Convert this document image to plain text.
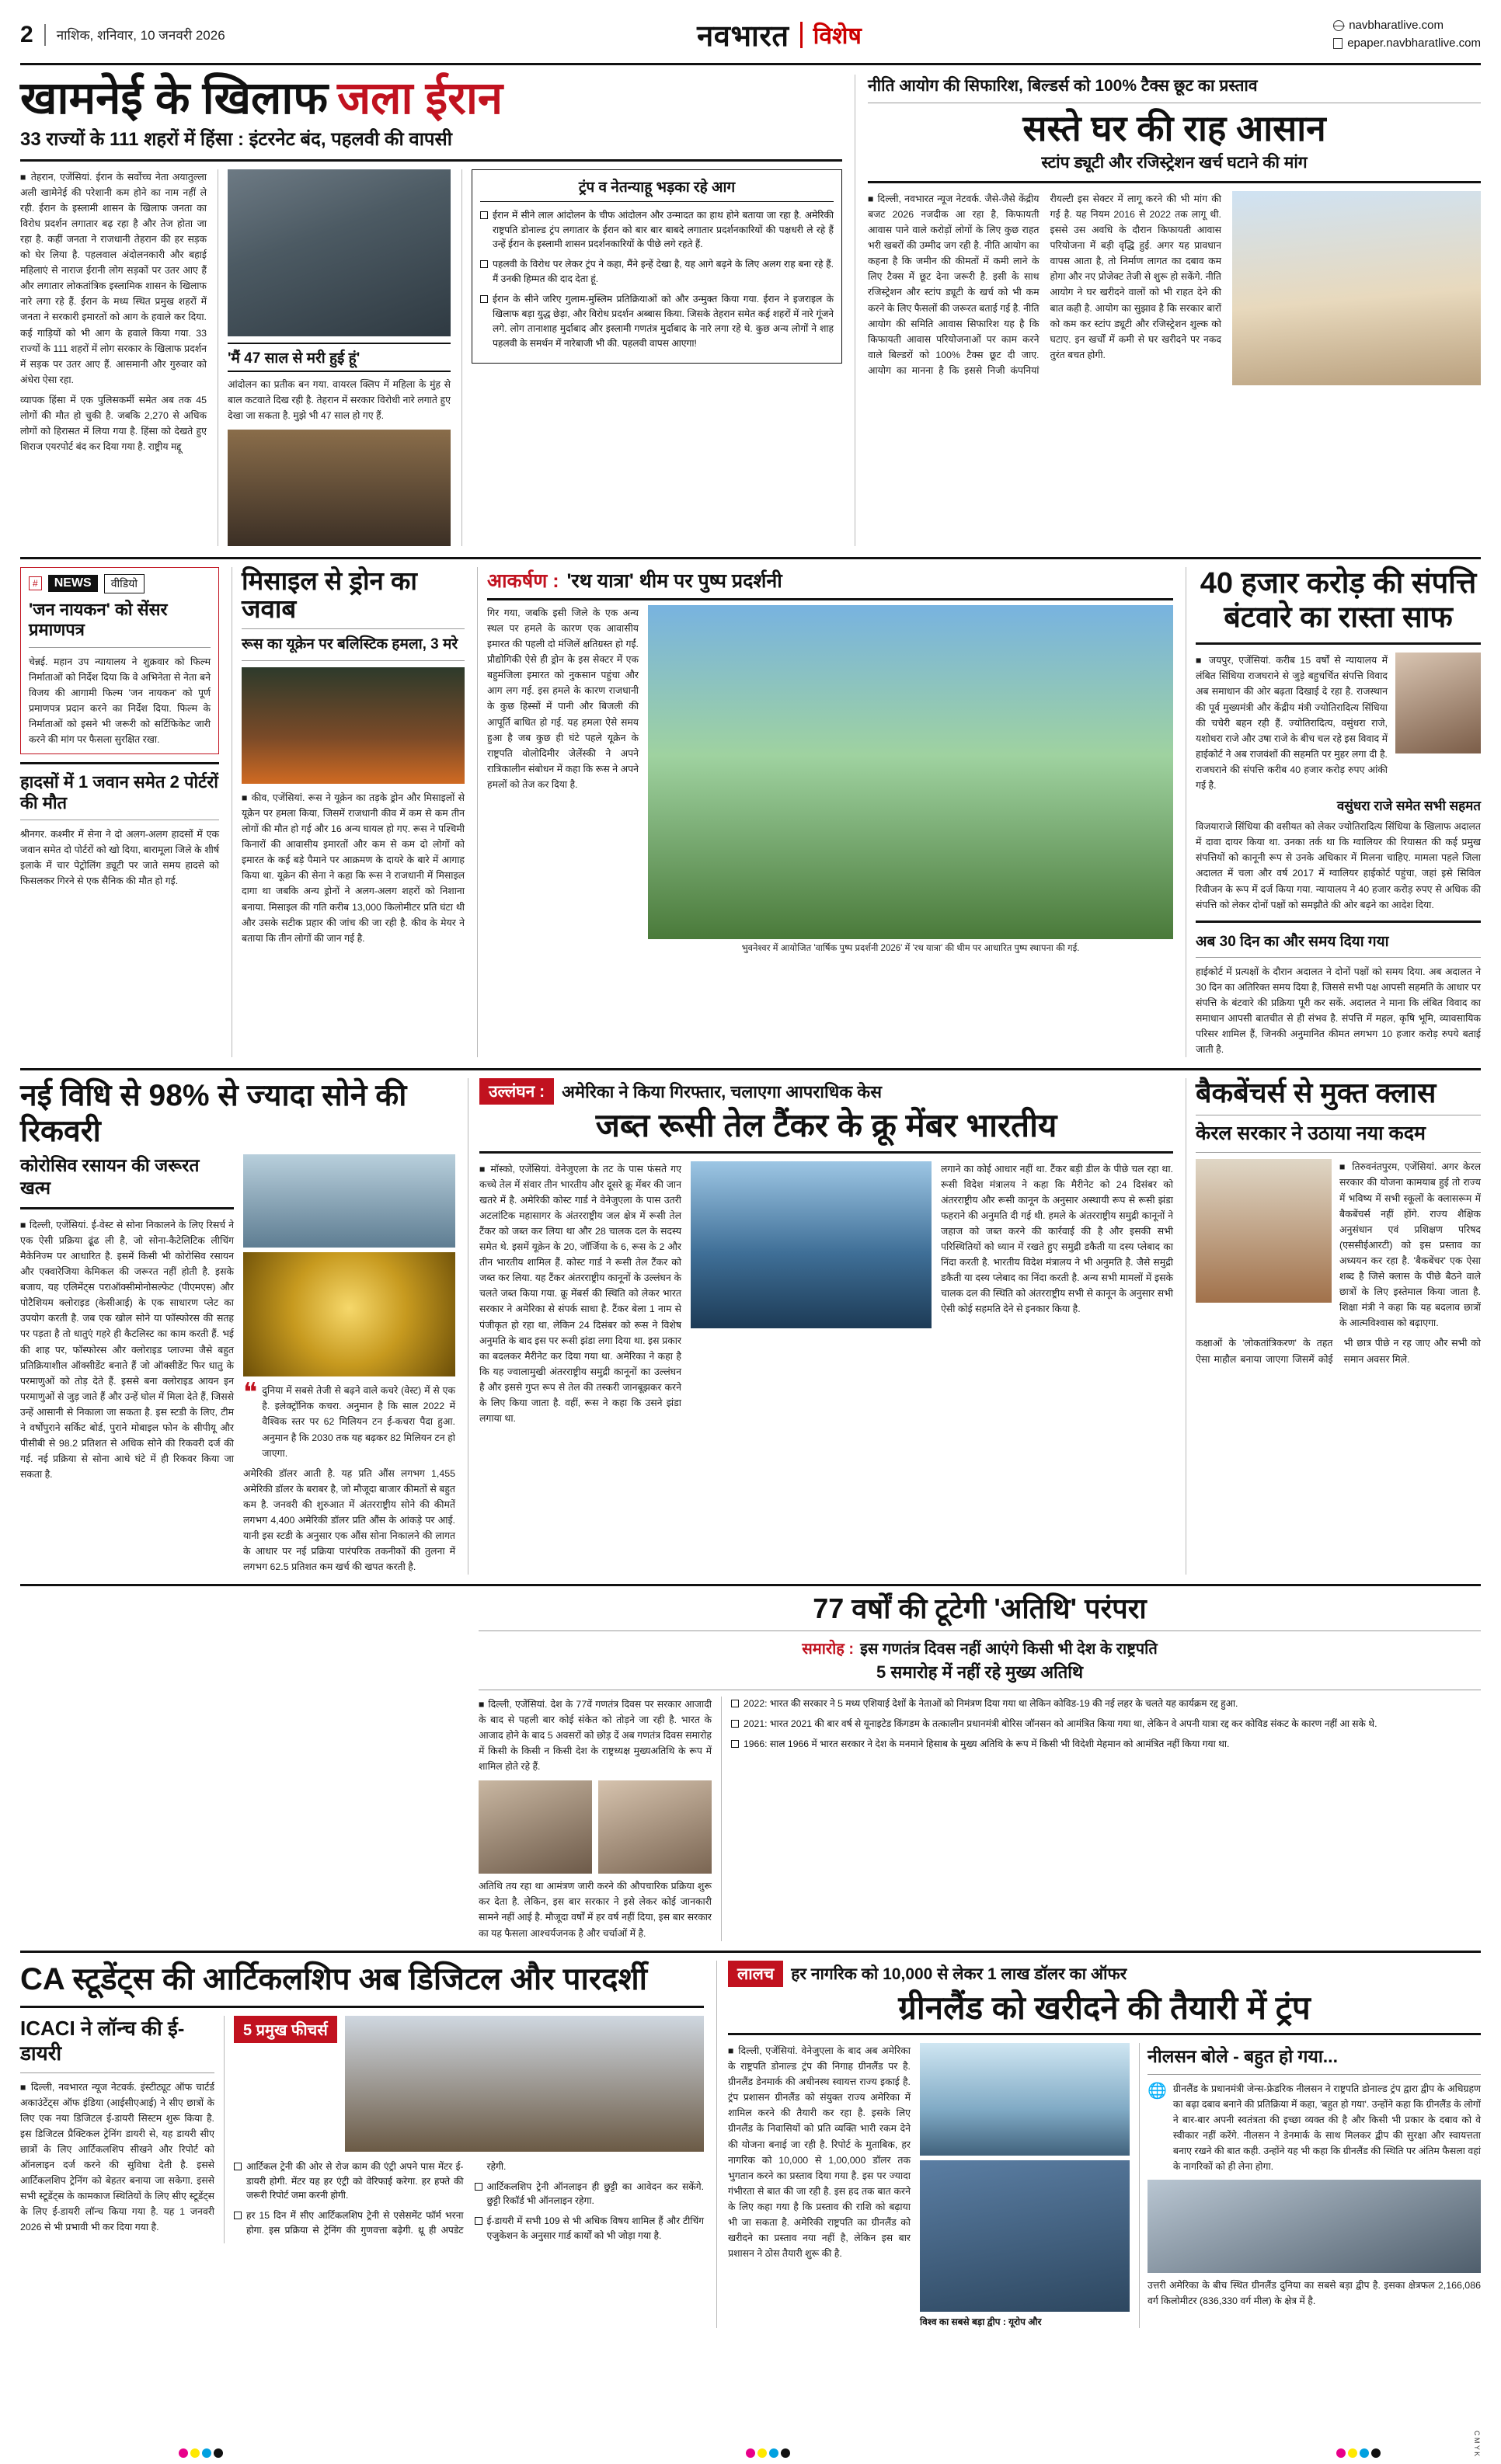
2 नाशिक, शनिवार, 10 जनवरी 2026	नवभारत विशेष	navbharatlive.com
epaper.navbharatlive.com
खामनेई के खिलाफ जला ईरान
33 राज्यों के 111 शहरों में हिंसा : इंटरनेट बंद, पहलवी की वापसी
■ तेहरान, एजेंसियां. ईरान के सर्वोच्च नेता अयातुल्ला अली खामेनेई की परेशानी कम होने का नाम नहीं ले रही. ईरान के इस्लामी शासन के खिलाफ जनता का विरोध प्रदर्शन लगातार बढ़ रहा है और तेज होता जा रहा है. कहीं जनता ने राजधानी तेहरान की हर सड़क को घेर लिया है. पहलवाल अंदोलनकारी और बहाई महिलाएं से नाराज ईरानी लोग सड़कों पर उतर आए हैं और लगातार लोकतांत्रिक इस्लामिक शासन के खिलाफ नारे लगा रहे हैं. ईरान के मध्य स्थित प्रमुख शहरों में जनता ने सरकारी इमारतों को आग के हवाले कर दिया. कई गाड़ियों को भी आग के हवाले किया गया. 33 राज्यों के 111 शहरों में लोग सरकार के खिलाफ प्रदर्शन में सड़क पर उतर आए हैं. आसमानी और गुरुवार को अंधेरा ऐसा रहा.
व्यापक हिंसा में एक पुलिसकर्मी समेत अब तक 45 लोगों की मौत हो चुकी है. जबकि 2,270 से अधिक लोगों को हिरासत में लिया गया है. हिंसा को देखते हुए शिराज एयरपोर्ट बंद कर दिया गया है. राष्ट्रीय मद्दू
'मैं 47 साल से मरी हुई हूं'
आंदोलन का प्रतीक बन गया. वायरल क्लिप में महिला के मुंह से बाल कटवाते दिख रही है. तेहरान में सरकार विरोधी नारे लगाते हुए देखा जा सकता है. मुझे भी 47 साल हो गए हैं.
ट्रंप व नेतन्याहू भड़का रहे आग
ईरान में सीने लाल आंदोलन के चीफ आंदोलन और उन्मादत का हाथ होने बताया जा रहा है. अमेरिकी राष्ट्रपति डोनाल्ड ट्रंप लगातार के ईरान को बार बार बाबदे लगातार प्रदर्शनकारियों की पक्षधरी ले रहे हैं उन्हें ईरान के इस्लामी शासन प्रदर्शनकारियों के पीछे लगे रहते हैं.
पहलवी के विरोध पर लेकर ट्रंप ने कहा, मैंने इन्हें देखा है, यह आगे बढ़ने के लिए अलग राह बना रहे हैं. मैं उनकी हिम्मत की दाद देता हूं.
ईरान के सीने जरिए गुलाम-मुस्लिम प्रतिक्रियाओं को और उन्मुक्त किया गया. ईरान ने इजराइल के खिलाफ बड़ा युद्ध छेड़ा, और विरोध प्रदर्शन अब्बास किया. जिसके तेहरान समेत कई शहरों में नारे गूंजने लगे. लोग तानाशाह मुर्दाबाद और इस्लामी गणतंत्र मुर्दाबाद के नारे लगा रहे थे. कुछ अन्य लोगों ने शाह पहलवी के समर्थन में नारेबाजी भी की. पहलवी वापस आएगा!
नीति आयोग की सिफारिश, बिल्डर्स को 100% टैक्स छूट का प्रस्ताव
सस्ते घर की राह आसान
स्टांप ड्यूटी और रजिस्ट्रेशन खर्च घटाने की मांग
■ दिल्ली, नवभारत न्यूज नेटवर्क. जैसे-जैसे केंद्रीय बजट 2026 नजदीक आ रहा है, किफायती आवास पाने वाले करोड़ों लोगों के लिए कुछ राहत भरी खबरों की उम्मीद जग रही है. नीति आयोग का कहना है कि जमीन की कीमतों में कमी लाने के लिए टैक्स में छूट देना जरूरी है. इसी के साथ रजिस्ट्रेशन और स्टांप ड्यूटी के खर्च को भी कम करने के लिए फैसलों की जरूरत बताई गई है. नीति आयोग की समिति आवास सिफारिश यह है कि किफायती आवास परियोजनाओं पर काम करने वाले बिल्डरों को 100% टैक्स छूट दी जाए. आयोग का मानना है कि इससे निजी कंपनियां रीयल्टी इस सेक्टर में लागू करने की भी मांग की गई है. यह नियम 2016 से 2022 तक लागू थी. इससे उस अवधि के दौरान किफायती आवास परियोजना में बड़ी वृद्धि हुई. अगर यह प्रावधान वापस आता है, तो निर्माण लागत का दबाव कम होगा और नए प्रोजेक्ट तेजी से शुरू हो सकेंगे. नीति आयोग ने घर खरीदने वालों को भी राहत देने की बात कही है. आयोग का सुझाव है कि सरकार बारों को कम कर स्टांप ड्यूटी और रजिस्ट्रेशन शुल्क को घटाए. इन खर्चों में कमी से घर खरीदने पर नकद तुरंत बचत होगी.
#	NEWS	वीडियो
'जन नायकन' को सेंसर प्रमाणपत्र
चेन्नई. महान उप न्यायालय ने शुक्रवार को फिल्म निर्माताओं को निर्देश दिया कि वे अभिनेता से नेता बने विजय की आगामी फिल्म 'जन नायकन' को पूर्ण प्रमाणपत्र प्रदान करने का निर्देश दिया. फिल्म के निर्माताओं को इसने भी जरूरी को सर्टिफिकेट जारी करने की मांग पर फैसला सुरक्षित रखा.
हादसों में 1 जवान समेत 2 पोर्टरों की मौत
श्रीनगर. कश्मीर में सेना ने दो अलग-अलग हादसों में एक जवान समेत दो पोर्टरों को खो दिया, बारामूला जिले के शीर्ष इलाके में चार पेट्रोलिंग ड्यूटी पर जाते समय हादसे को फिसलकर गिरने से एक सैनिक की मौत हो गई.
मिसाइल से ड्रोन का जवाब
रूस का यूक्रेन पर बलिस्टिक हमला, 3 मरे
■ कीव, एजेंसियां. रूस ने यूक्रेन का तड़के ड्रोन और मिसाइलों से यूक्रेन पर हमला किया, जिसमें राजधानी कीव में कम से कम तीन लोगों की मौत हो गई और 16 अन्य घायल हो गए. रूस ने पश्चिमी किनारों की आवासीय इमारतों और कम से कम दो लोगों को इमारत के कई बड़े पैमाने पर आक्रमण के दायरे के बारे में आगाह किया था. यूक्रेन की सेना ने कहा कि रूस ने राजधानी में मिसाइल दागा था जबकि अन्य ड्रोनों ने अलग-अलग शहरों को निशाना बनाया. मिसाइल की गति करीब 13,000 किलोमीटर प्रति घंटा थी और उसके सटीक प्रहार की जांच की जा रही है. कीव के मेयर ने बताया कि तीन लोगों की जान गई है.
आकर्षण : 'रथ यात्रा' थीम पर पुष्प प्रदर्शनी
गिर गया, जबकि इसी जिले के एक अन्य स्थल पर हमले के कारण एक आवासीय इमारत की पहली दो मंजिलें क्षतिग्रस्त हो गईं. प्रौद्योगिकी ऐसे ही ड्रोन के इस सेक्टर में एक बहुमंजिला इमारत को नुकसान पहुंचा और आग लग गई. इस हमले के कारण राजधानी के कुछ हिस्सों में पानी और बिजली की आपूर्ति बाधित हो गई. यह हमला ऐसे समय हुआ है जब कुछ ही घंटे पहले यूक्रेन के राष्ट्रपति वोलोदिमीर जेलेंस्की ने अपने रात्रिकालीन संबोधन में कहा कि रूस ने अपने हमलों को तेज कर दिया है.
भुवनेश्वर में आयोजित 'वार्षिक पुष्प प्रदर्शनी 2026' में 'रथ यात्रा' की थीम पर आधारित पुष्प स्थापना की गई.
40 हजार करोड़ की संपत्ति बंटवारे का रास्ता साफ
■ जयपुर, एजेंसियां. करीब 15 वर्षों से न्यायालय में लंबित सिंधिया राजघराने से जुड़े बहुचर्चित संपत्ति विवाद अब समाधान की ओर बढ़ता दिखाई दे रहा है. राजस्थान की पूर्व मुख्यमंत्री और केंद्रीय मंत्री ज्योतिरादित्य सिंधिया की चचेरी बहन रही हैं. ज्योतिरादित्य, वसुंधरा राजे, यशोधरा राजे और उषा राजे के बीच चल रहे इस विवाद में हाईकोर्ट ने अब राजवंशों की सहमति पर मुहर लगा दी है. राजघराने की संपत्ति करीब 40 हजार करोड़ रुपए आंकी गई है.
वसुंधरा राजे समेत सभी सहमत
विजयाराजे सिंधिया की वसीयत को लेकर ज्योतिरादित्य सिंधिया के खिलाफ अदालत में दावा दायर किया था. उनका तर्क था कि ग्वालियर की रियासत की कई प्रमुख संपत्तियों को कानूनी रूप से उनके अधिकार में मिलना चाहिए. मामला पहले जिला अदालत में चला और वर्ष 2017 में ग्वालियर हाईकोर्ट पहुंचा, जहां इसे सिविल रिवीजन के रूप में दर्ज किया गया. न्यायालय ने 40 हजार करोड़ रुपए से अधिक की संपत्ति को लेकर दोनों पक्षों को समझौते की ओर बढ़ने का आदेश दिया.
अब 30 दिन का और समय दिया गया
हाईकोर्ट में प्रत्यक्षों के दौरान अदालत ने दोनों पक्षों को समय दिया. अब अदालत ने 30 दिन का अतिरिक्त समय दिया है, जिससे सभी पक्ष आपसी सहमति के आधार पर संपत्ति के बंटवारे की प्रक्रिया पूरी कर सकें. अदालत ने माना कि लंबित विवाद का समाधान आपसी बातचीत से ही संभव है. संपत्ति में महल, कृषि भूमि, व्यावसायिक परिसर शामिल हैं, जिनकी अनुमानित कीमत लगभग 10 हजार करोड़ रुपये बताई जाती है.
नई विधि से 98% से ज्यादा सोने की रिकवरी
कोरोसिव रसायन की जरूरत खत्म
■ दिल्ली, एजेंसियां. ई-वेस्ट से सोना निकालने के लिए रिसर्च ने एक ऐसी प्रक्रिया ढूंढ ली है, जो सोना-कैटेलिटिक लीचिंग मैकेनिज्म पर आधारित है. इसमें किसी भी कोरोसिव रसायन और एक्वारेजिया केमिकल की जरूरत नहीं होती है. इसके बजाय, यह एलिमेंट्स पराऑक्सीमोनोसल्फेट (पीएमएस) और पोटैशियम क्लोराइड (केसीआई) के एक साधारण प्लेट का उपयोग करती है. जब एक खोल सोने या फॉस्फोरस की सतह पर पड़ता है तो धातुएं गहरे ही कैटलिस्ट का काम करती हैं. भई की शाह पर, फॉस्फोरस और क्लोराइड प्लाज्मा जैसे बहुत प्रतिक्रियाशील ऑक्सीडेंट बनाते हैं जो ऑक्सीडेंट फिर धातु के परमाणुओं को तोड़ देते हैं. इससे बना क्लोराइड आयन इन परमाणुओं से जुड़ जाते हैं और उन्हें घोल में मिला देते हैं, जिससे उन्हें आसानी से निकाला जा सकता है. इस स्टडी के लिए, टीम ने वर्षोंपुराने सर्किट बोर्ड, पुराने मोबाइल फोन के सीपीयू और पीसीबी से 98.2 प्रतिशत से अधिक सोने की रिकवरी दर्ज की गई. नई प्रक्रिया से सोना आधे घंटे में ही रिकवर किया जा सकता है.
❝ दुनिया में सबसे तेजी से बढ़ने वाले कचरे (वेस्ट) में से एक है. इलेक्ट्रॉनिक कचरा. अनुमान है कि साल 2022 में वैश्विक स्तर पर 62 मिलियन टन ई-कचरा पैदा हुआ. अनुमान है कि 2030 तक यह बढ़कर 82 मिलियन टन हो जाएगा.
अमेरिकी डॉलर आती है. यह प्रति औंस लगभग 1,455 अमेरिकी डॉलर के बराबर है, जो मौजूदा बाजार कीमतों से बहुत कम है. जनवरी की शुरुआत में अंतरराष्ट्रीय सोने की कीमतें लगभग 4,400 अमेरिकी डॉलर प्रति औंस के आंकड़े पर आई. यानी इस स्टडी के अनुसार एक औंस सोना निकालने की लागत के आधार पर नई प्रक्रिया पारंपरिक तकनीकों की तुलना में लगभग 62.5 प्रतिशत कम खर्च की खपत करती है.
उल्लंघन :	अमेरिका ने किया गिरफ्तार, चलाएगा आपराधिक केस
जब्त रूसी तेल टैंकर के क्रू मेंबर भारतीय
■ मॉस्को, एजेंसियां. वेनेजुएला के तट के पास फंसते गए कच्चे तेल में संवार तीन भारतीय और दूसरे क्रू मेंबर की जान खतरे में है. अमेरिकी कोस्ट गार्ड ने वेनेजुएला के पास उतरी अटलांटिक महासागर के अंतरराष्ट्रीय जल क्षेत्र में रूसी तेल टैंकर को जब्त कर लिया था और 28 चालक दल के सदस्य समेत थे. इसमें यूक्रेन के 20, जॉर्जिया के 6, रूस के 2 और तीन भारतीय शामिल हैं. कोस्ट गार्ड ने रूसी तेल टैंकर को जब्त कर लिया. यह टैंकर अंतरराष्ट्रीय कानूनों के उल्लंघन के चलते जब्त किया गया. क्रू मेंबर्स की स्थिति को लेकर भारत सरकार ने अमेरिका से संपर्क साधा है. टैंकर बेला 1 नाम से पंजीकृत हो रहा था, लेकिन 24 दिसंबर को रूस ने विशेष अनुमति के बाद इस पर रूसी झंडा लगा दिया था. इस प्रकार का बदलकर मैरीनेट कर दिया गया था. अमेरिका ने कहा है कि यह ज्वालामुखी अंतरराष्ट्रीय समुद्री कानूनों का उल्लंघन है और इससे गुप्त रूप से तेल की तस्करी जानबूझकर करने के लिए किया जाता है. वहीं, रूस ने कहा कि उसने झंडा लगाया था.
लगाने का कोई आधार नहीं था. टैंकर बड़ी डील के पीछे चल रहा था. रूसी विदेश मंत्रालय ने कहा कि मैरीनेट को 24 दिसंबर को अंतरराष्ट्रीय और रूसी कानून के अनुसार अस्थायी रूप से रूसी झंडा फहराने की अनुमति दी गई थी. हमले के अंतरराष्ट्रीय समुद्री कानूनों ने जहाज को जब्त करने की कार्रवाई की है और इसकी सभी परिस्थितियों को ध्यान में रखते हुए समुद्री डकैती या दस्य प्लेबाद का निंदा करती है. भारतीय विदेश मंत्रालय ने भी अनुमति है. जैसे समुद्री डकैती या दस्य प्लेबाद का निंदा करती है. अन्य सभी मामलों में इसके चालक दल की स्थिति को अंतरराष्ट्रीय सभी से कानून के अनुसार सभी ऐसी कोई सहमति देने से इनकार किया है.
बैकबेंचर्स से मुक्त क्लास
केरल सरकार ने उठाया नया कदम
■ तिरुवनंतपुरम, एजेंसियां. अगर केरल सरकार की योजना कामयाब हुई तो राज्य में भविष्य में सभी स्कूलों के क्लासरूम में बैकबेंचर्स नहीं होंगे. राज्य शैक्षिक अनुसंधान एवं प्रशिक्षण परिषद (एससीईआरटी) को इस प्रस्ताव का अध्ययन कर रहा है. 'बैकबेंचर' एक ऐसा शब्द है जिसे क्लास के पीछे बैठने वाले छात्रों के लिए इस्तेमाल किया जाता है. शिक्षा मंत्री ने कहा कि यह बदलाव छात्रों के आत्मविश्वास को बढ़ाएगा.
कक्षाओं के 'लोकतांत्रिकरण' के तहत ऐसा माहौल बनाया जाएगा जिसमें कोई भी छात्र पीछे न रह जाए और सभी को समान अवसर मिले.
77 वर्षों की टूटेगी 'अतिथि' परंपरा
समारोह : इस गणतंत्र दिवस नहीं आएंगे किसी भी देश के राष्ट्रपति
5 समारोह में नहीं रहे मुख्य अतिथि
■ दिल्ली, एजेंसियां. देश के 77वें गणतंत्र दिवस पर सरकार आजादी के बाद से पहली बार कोई संकेत को तोड़ने जा रही है. भारत के आजाद होने के बाद 5 अवसरों को छोड़ दें अब गणतंत्र दिवस समारोह में किसी के किसी न किसी देश के राष्ट्रध्यक्ष मुख्यअतिथि के रूप में शामिल होते रहे हैं.
अतिथि तय रहा था आमंत्रण जारी करने की औपचारिक प्रक्रिया शुरू कर देता है. लेकिन, इस बार सरकार ने इसे लेकर कोई जानकारी सामने नहीं आई है. मौजूदा वर्षों में हर वर्ष नहीं दिया, इस बार सरकार का यह फैसला आश्चर्यजनक है और चर्चाओं में है.
2022: भारत की सरकार ने 5 मध्य एशियाई देशों के नेताओं को निमंत्रण दिया गया था लेकिन कोविड-19 की नई लहर के चलते यह कार्यक्रम रद्द हुआ.
2021: भारत 2021 की बार वर्ष से यूनाइटेड किंगडम के तत्कालीन प्रधानमंत्री बोरिस जॉनसन को आमंत्रित किया गया था, लेकिन वे अपनी यात्रा रद्द कर कोविड संकट के कारण नहीं आ सके थे.
1966: साल 1966 में भारत सरकार ने देश के मनमाने हिसाब के मुख्य अतिथि के रूप में किसी भी विदेशी मेहमान को आमंत्रित नहीं किया गया था.
CA स्टूडेंट्स की आर्टिकलशिप अब डिजिटल और पारदर्शी
ICACI ने लॉन्च की ई-डायरी
■ दिल्ली, नवभारत न्यूज नेटवर्क. इंस्टीट्यूट ऑफ चार्टर्ड अकाउंटेंट्स ऑफ इंडिया (आईसीएआई) ने सीए छात्रों के लिए एक नया डिजिटल ई-डायरी सिस्टम शुरू किया है. इस डिजिटल प्रैक्टिकल ट्रेनिंग डायरी से, यह डायरी सीए छात्रों के लिए आर्टिकलशिप सीखने और रिपोर्ट को ऑनलाइन दर्ज करने की सुविधा देती है. इससे आर्टिकलशिप ट्रेनिंग को बेहतर बनाया जा सकेगा. इससे सभी स्टूडेंट्स के कामकाज स्थितियों के लिए सीए स्टूडेंट्स के लिए ई-डायरी लॉन्च किया गया है. यह 1 जनवरी 2026 से भी प्रभावी भी कर दिया गया है.
5 प्रमुख फीचर्स
आर्टिकल ट्रेनी की ओर से रोज काम की एंट्री अपने पास मेंटर ई-डायरी होगी. मेंटर यह हर एंट्री को वेरिफाई करेगा. हर हफ्ते की जरूरी रिपोर्ट जमा करनी होगी.
हर 15 दिन में सीए आर्टिकलशिप ट्रेनी से एसेसमेंट फॉर्म भरना होगा. इस प्रक्रिया से ट्रेनिंग की गुणवत्ता बढ़ेगी. थ्रू ही अपडेट रहेगी.
आर्टिकलशिप ट्रेनी ऑनलाइन ही छुट्टी का आवेदन कर सकेंगे. छुट्टी रिकॉर्ड भी ऑनलाइन रहेगा.
ई-डायरी में सभी 109 से भी अधिक विषय शामिल हैं और टीचिंग एजुकेशन के अनुसार गार्ड कार्यों को भी जोड़ा गया है.
लालच	हर नागरिक को 10,000 से लेकर 1 लाख डॉलर का ऑफर
ग्रीनलैंड को खरीदने की तैयारी में ट्रंप
■ दिल्ली, एजेंसियां. वेनेजुएला के बाद अब अमेरिका के राष्ट्रपति डोनाल्ड ट्रंप की निगाह ग्रीनलैंड पर है. ग्रीनलैंड डेनमार्क की अधीनस्थ स्वायत्त राज्य इकाई है. ट्रंप प्रशासन ग्रीनलैंड को संयुक्त राज्य अमेरिका में शामिल करने की तैयारी कर रहा है. इसके लिए ग्रीनलैंड के निवासियों को प्रति व्यक्ति भारी रकम देने की योजना बनाई जा रही है. रिपोर्ट के मुताबिक, हर नागरिक को 10,000 से 1,00,000 डॉलर तक भुगतान करने का प्रस्ताव दिया गया है. इस पर ज्यादा गंभीरता से बात की जा रही है. इस हद तक बात करने के लिए कहा गया है कि प्रस्ताव की राशि को बढ़ाया भी जा सकता है. अमेरिकी राष्ट्रपति का ग्रीनलैंड को खरीदने का प्रस्ताव नया नहीं है, लेकिन इस बार प्रशासन ने ठोस तैयारी शुरू की है.
विश्व का सबसे बड़ा द्वीप : यूरोप और
नीलसन बोले - बहुत हो गया...
🌐 ग्रीनलैंड के प्रधानमंत्री जेन्स-फ्रेडरिक नीलसन ने राष्ट्रपति डोनाल्ड ट्रंप द्वारा द्वीप के अधिग्रहण का बढ़ा दबाव बनाने की प्रतिक्रिया में कहा, 'बहुत हो गया'. उन्होंने कहा कि ग्रीनलैंड के लोगों ने बार-बार अपनी स्वतंत्रता की इच्छा व्यक्त की है और किसी भी प्रकार के दबाव को वे स्वीकार नहीं करेंगे. नीलसन ने डेनमार्क के साथ मिलकर द्वीप की सुरक्षा और स्वायत्तता बनाए रखने की बात कही. उन्होंने यह भी कहा कि ग्रीनलैंड की स्थिति पर अंतिम फैसला वहां के नागरिकों को ही लेना होगा.
उत्तरी अमेरिका के बीच स्थित ग्रीनलैंड दुनिया का सबसे बड़ा द्वीप है. इसका क्षेत्रफल 2,166,086 वर्ग किलोमीटर (836,330 वर्ग मील) के क्षेत्र में है.
C M Y K
